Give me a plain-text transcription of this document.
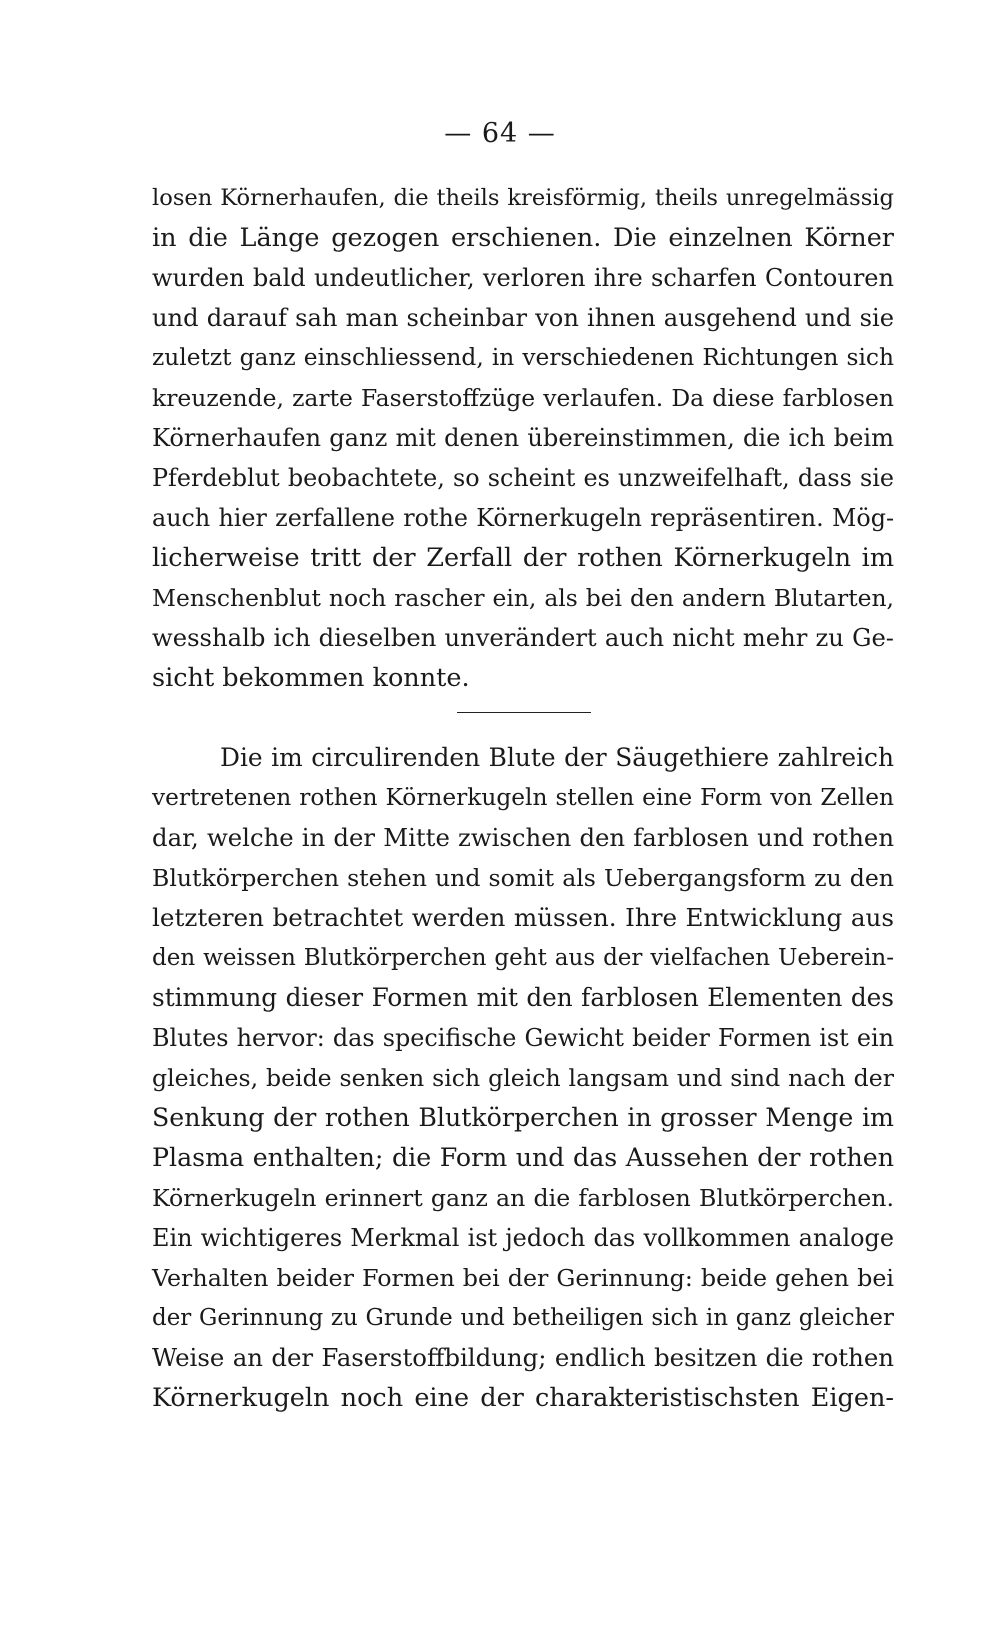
— 64 —
losen Körnerhaufen, die theils kreisförmig, theils unregelmässig
in die Länge gezogen erschienen. Die einzelnen Körner
wurden bald undeutlicher, verloren ihre scharfen Contouren
und darauf sah man scheinbar von ihnen ausgehend und sie
zuletzt ganz einschliessend, in verschiedenen Richtungen sich
kreuzende, zarte Faserstoffzüge verlaufen. Da diese farblosen
Körnerhaufen ganz mit denen übereinstimmen, die ich beim
Pferdeblut beobachtete, so scheint es unzweifelhaft, dass sie
auch hier zerfallene rothe Körnerkugeln repräsentiren. Mög-
licherweise tritt der Zerfall der rothen Körnerkugeln im
Menschenblut noch rascher ein, als bei den andern Blutarten,
wesshalb ich dieselben unverändert auch nicht mehr zu Ge-
sicht bekommen konnte.
Die im circulirenden Blute der Säugethiere zahlreich
vertretenen rothen Körnerkugeln stellen eine Form von Zellen
dar, welche in der Mitte zwischen den farblosen und rothen
Blutkörperchen stehen und somit als Uebergangsform zu den
letzteren betrachtet werden müssen. Ihre Entwicklung aus
den weissen Blutkörperchen geht aus der vielfachen Ueberein-
stimmung dieser Formen mit den farblosen Elementen des
Blutes hervor: das specifische Gewicht beider Formen ist ein
gleiches, beide senken sich gleich langsam und sind nach der
Senkung der rothen Blutkörperchen in grosser Menge im
Plasma enthalten; die Form und das Aussehen der rothen
Körnerkugeln erinnert ganz an die farblosen Blutkörperchen.
Ein wichtigeres Merkmal ist jedoch das vollkommen analoge
Verhalten beider Formen bei der Gerinnung: beide gehen bei
der Gerinnung zu Grunde und betheiligen sich in ganz gleicher
Weise an der Faserstoffbildung; endlich besitzen die rothen
Körnerkugeln noch eine der charakteristischsten Eigen-
